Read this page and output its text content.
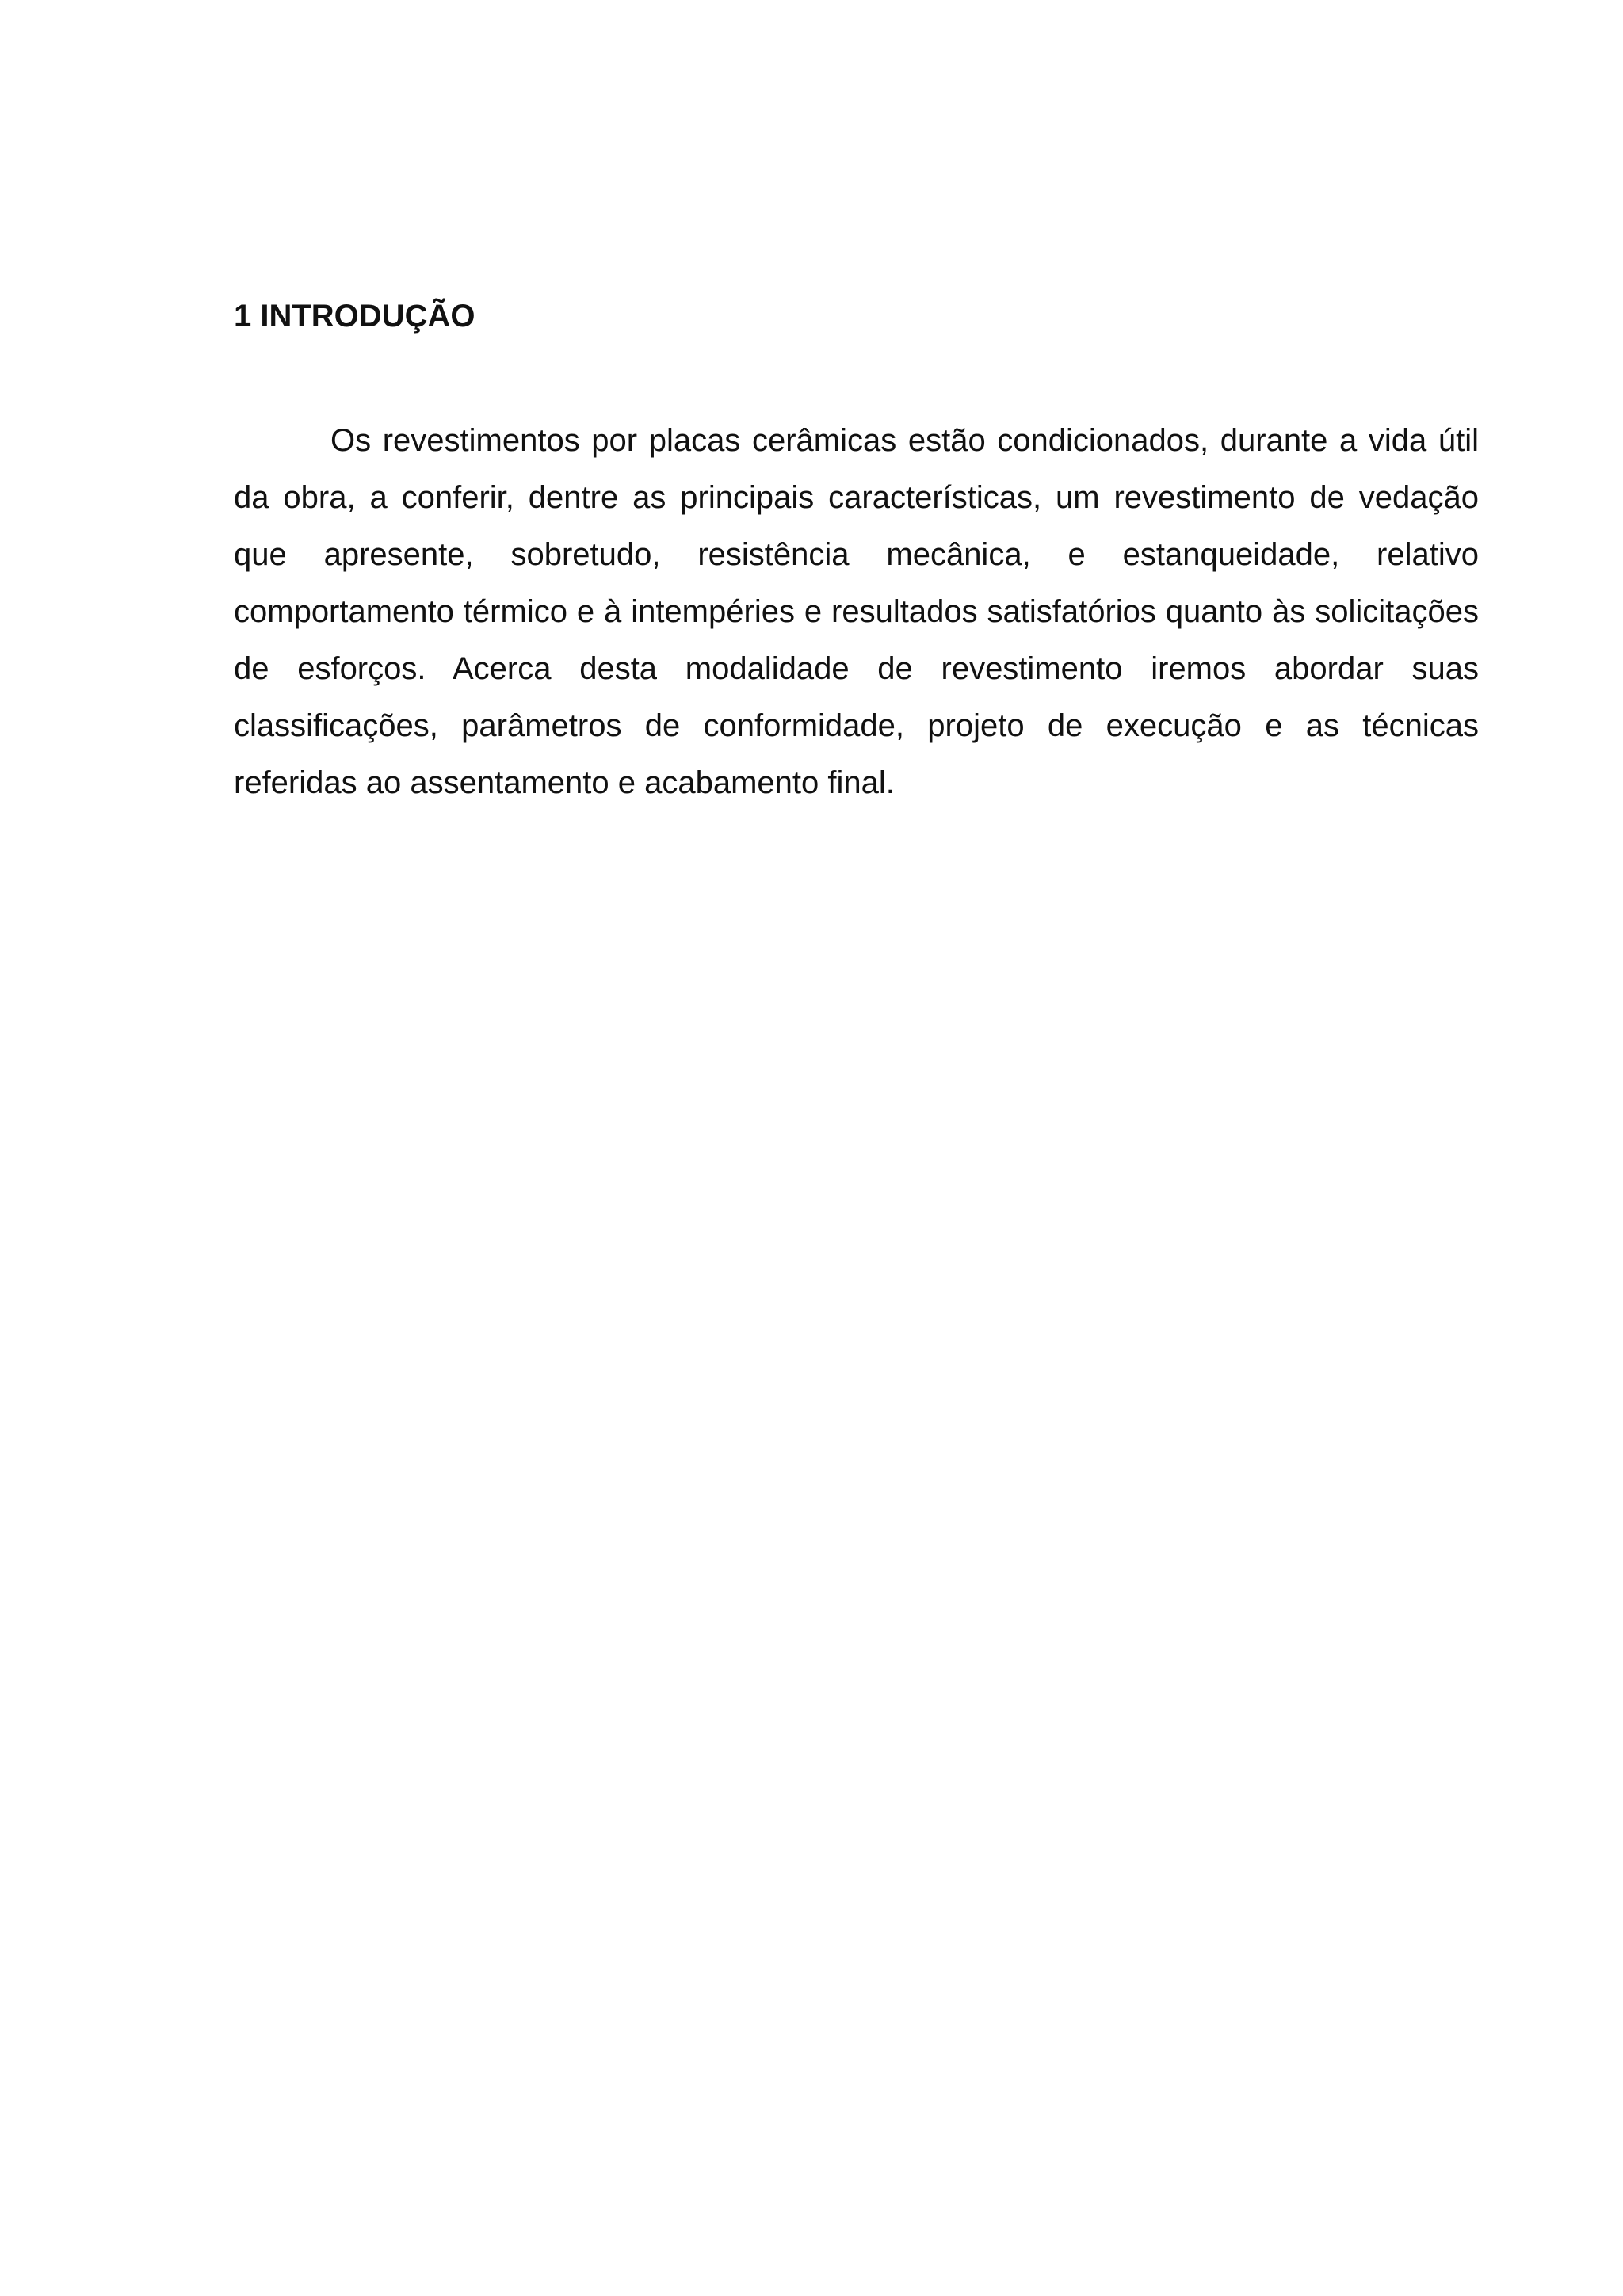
1 INTRODUÇÃO

Os revestimentos por placas cerâmicas estão condicionados, durante a vida útil da obra, a conferir, dentre as principais características, um revestimento de vedação que apresente, sobretudo, resistência mecânica, e estanqueidade, relativo comportamento térmico e à intempéries e resultados satisfatórios quanto às solicitações de esforços. Acerca desta modalidade de revestimento iremos abordar suas classificações, parâmetros de conformidade, projeto de execução e as técnicas referidas ao assentamento e acabamento final.
